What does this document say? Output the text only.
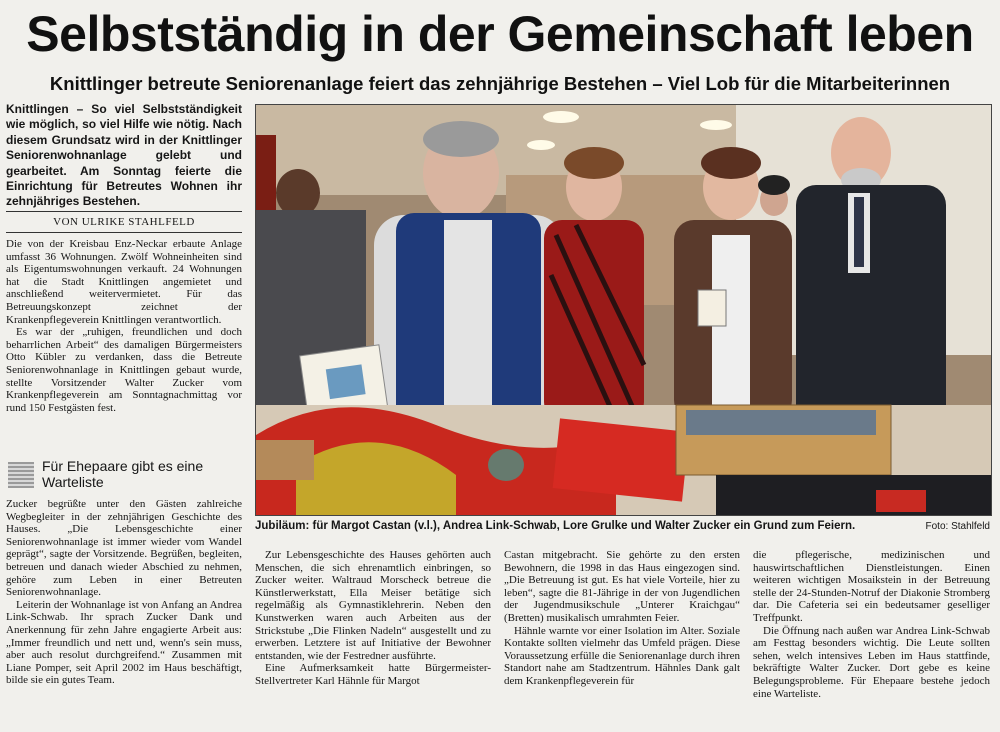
Selbstständig in der Gemeinschaft leben
Knittlinger betreute Seniorenanlage feiert das zehnjährige Bestehen – Viel Lob für die Mitarbeiterinnen
Knittlingen – So viel Selbstständigkeit wie möglich, so viel Hilfe wie nötig. Nach diesem Grundsatz wird in der Knittlinger Seniorenwohnanlage gelebt und gearbeitet. Am Sonntag feierte die Einrichtung für Betreutes Wohnen ihr zehnjähriges Bestehen.
VON ULRIKE STAHLFELD

Die von der Kreisbau Enz-Neckar erbaute Anlage umfasst 36 Wohnungen. Zwölf Wohneinheiten sind als Eigentumswohnungen verkauft. 24 Wohnungen hat die Stadt Knittlingen angemietet und anschließend weitervermietet. Für das Betreuungskonzept zeichnet der Krankenpflegeverein Knittlingen verantwortlich.

Es war der „ruhigen, freundlichen und doch beharrlichen Arbeit“ des damaligen Bürgermeisters Otto Kübler zu verdanken, dass die Betreute Seniorenwohnanlage in Knittlingen gebaut wurde, stellte Vorsitzender Walter Zucker vom Krankenpflegeverein am Sonntagnachmittag vor rund 150 Festgästen fest.

Für Ehepaare gibt es eine Warteliste

Zucker begrüßte unter den Gästen zahlreiche Wegbegleiter in der zehnjährigen Geschichte des Hauses. „Die Lebensgeschichte einer Seniorenwohnanlage ist immer wieder vom Wandel geprägt“, sagte der Vorsitzende. Begrüßen, begleiten, betreuen und danach wieder Abschied zu nehmen, gehöre zum Leben in einer Betreuten Seniorenwohnanlage.

Leiterin der Wohnanlage ist von Anfang an Andrea Link-Schwab. Ihr sprach Zucker Dank und Anerkennung für zehn Jahre engagierte Arbeit aus: „Immer freundlich und nett und, wenn's sein muss, aber auch resolut durchgreifend.“ Zusammen mit Liane Pomper, seit April 2002 im Haus beschäftigt, bilde sie ein gutes Team.

Jubiläum: für Margot Castan (v.l.), Andrea Link-Schwab, Lore Grulke und Walter Zucker ein Grund zum Feiern.	Foto: Stahlfeld

Zur Lebensgeschichte des Hauses gehörten auch Menschen, die sich ehrenamtlich einbringen, so Zucker weiter. Waltraud Morscheck betreue die Künstlerwerkstatt, Ella Meiser betätige sich regelmäßig als Gymnastiklehrerin. Neben den Kunstwerken waren auch Arbeiten aus der Strickstube „Die Flinken Nadeln“ ausgestellt und zu erwerben. Letztere ist auf Initiative der Bewohner entstanden, wie der Festredner ausführte.

Eine Aufmerksamkeit hatte Bürgermeister-Stellvertreter Karl Hähnle für Margot

Castan mitgebracht. Sie gehörte zu den ersten Bewohnern, die 1998 in das Haus eingezogen sind. „Die Betreuung ist gut. Es hat viele Vorteile, hier zu leben“, sagte die 81-Jährige in der von Jugendlichen der Jugendmusikschule „Unterer Kraichgau“ (Bretten) musikalisch umrahmten Feier.

Hähnle warnte vor einer Isolation im Alter. Soziale Kontakte sollten vielmehr das Umfeld prägen. Diese Voraussetzung erfülle die Seniorenanlage durch ihren Standort nahe am Stadtzentrum. Hähnles Dank galt dem Krankenpflegeverein für

die pflegerische, medizinischen und hauswirtschaftlichen Dienstleistungen. Einen weiteren wichtigen Mosaikstein in der Betreuung stelle der 24-Stunden-Notruf der Diakonie Stromberg dar. Die Cafeteria sei ein bedeutsamer geselliger Treffpunkt.

Die Öffnung nach außen war Andrea Link-Schwab am Festtag besonders wichtig. Die Leute sollten sehen, welch intensives Leben im Haus stattfinde, bekräftigte Walter Zucker. Dort gebe es keine Belegungsprobleme. Für Ehepaare bestehe jedoch eine Warteliste.
